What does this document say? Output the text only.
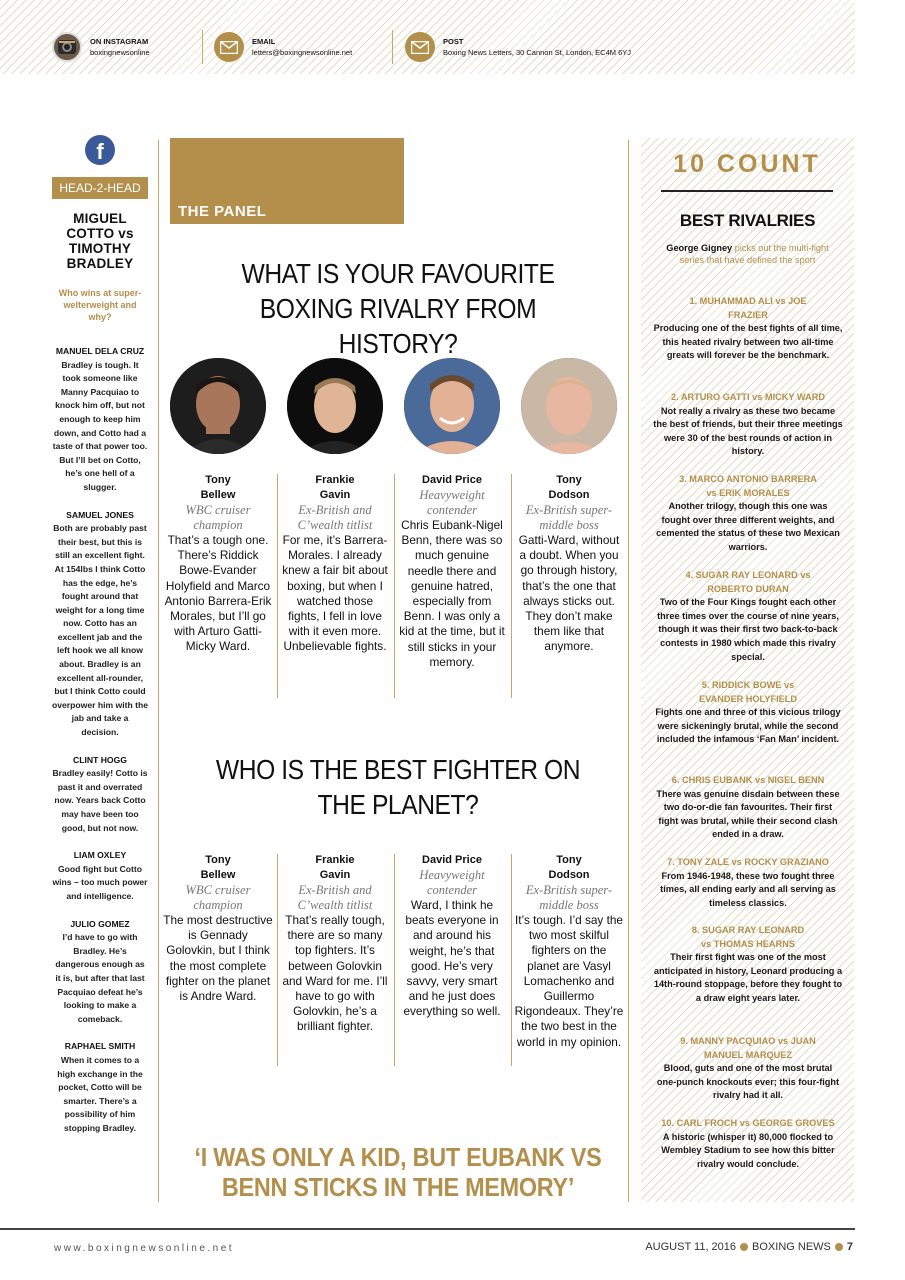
ON INSTAGRAM
boxingnewsonline
EMAIL
letters@boxingnewsonline.net
POST
Boxing News Letters, 30 Cannon St, London, EC4M 6YJ
f
HEAD-2-HEAD
MIGUEL COTTO vs TIMOTHY BRADLEY
Who wins at super-welterweight and why?
MANUEL DELA CRUZ
Bradley is tough. It took someone like Manny Pacquiao to knock him off, but not enough to keep him down, and Cotto had a taste of that power too. But I’ll bet on Cotto, he’s one hell of a slugger.
SAMUEL JONES
Both are probably past their best, but this is still an excellent fight. At 154lbs I think Cotto has the edge, he’s fought around that weight for a long time now. Cotto has an excellent jab and the left hook we all know about. Bradley is an excellent all-rounder, but I think Cotto could overpower him with the jab and take a decision.
CLINT HOGG
Bradley easily! Cotto is past it and overrated now. Years back Cotto may have been too good, but not now.
LIAM OXLEY
Good fight but Cotto wins – too much power and intelligence.
JULIO GOMEZ
I’d have to go with Bradley. He’s dangerous enough as it is, but after that last Pacquiao defeat he’s looking to make a comeback.
RAPHAEL SMITH
When it comes to a high exchange in the pocket, Cotto will be smarter. There’s a possibility of him stopping Bradley.
THE PANEL
WHAT IS YOUR FAVOURITE BOXING RIVALRY FROM HISTORY?
Tony Bellew
WBC cruiser champion
That’s a tough one. There’s Riddick Bowe-Evander Holyfield and Marco Antonio Barrera-Erik Morales, but I’ll go with Arturo Gatti-Micky Ward.
Frankie Gavin
Ex-British and C’wealth titlist
For me, it’s Barrera-Morales. I already knew a fair bit about boxing, but when I watched those fights, I fell in love with it even more. Unbelievable fights.
David Price
Heavyweight contender
Chris Eubank-Nigel Benn, there was so much genuine needle there and genuine hatred, especially from Benn. I was only a kid at the time, but it still sticks in your memory.
Tony Dodson
Ex-British super-middle boss
Gatti-Ward, without a doubt. When you go through history, that’s the one that always sticks out. They don’t make them like that anymore.
WHO IS THE BEST FIGHTER ON THE PLANET?
Tony Bellew
WBC cruiser champion
The most destructive is Gennady Golovkin, but I think the most complete fighter on the planet is Andre Ward.
Frankie Gavin
Ex-British and C’wealth titlist
That’s really tough, there are so many top fighters. It’s between Golovkin and Ward for me. I’ll have to go with Golovkin, he’s a brilliant fighter.
David Price
Heavyweight contender
Ward, I think he beats everyone in and around his weight, he’s that good. He’s very savvy, very smart and he just does everything so well.
Tony Dodson
Ex-British super-middle boss
It’s tough. I’d say the two most skilful fighters on the planet are Vasyl Lomachenko and Guillermo Rigondeaux. They’re the two best in the world in my opinion.
‘I WAS ONLY A KID, BUT EUBANK VS BENN STICKS IN THE MEMORY’
10 COUNT
BEST RIVALRIES
George Gigney picks out the multi-fight series that have defined the sport
1. MUHAMMAD ALI vs JOE FRAZIER
Producing one of the best fights of all time, this heated rivalry between two all-time greats will forever be the benchmark.
2. ARTURO GATTI vs MICKY WARD
Not really a rivalry as these two became the best of friends, but their three meetings were 30 of the best rounds of action in history.
3. MARCO ANTONIO BARRERA vs ERIK MORALES
Another trilogy, though this one was fought over three different weights, and cemented the status of these two Mexican warriors.
4. SUGAR RAY LEONARD vs ROBERTO DURAN
Two of the Four Kings fought each other three times over the course of nine years, though it was their first two back-to-back contests in 1980 which made this rivalry special.
5. RIDDICK BOWE vs EVANDER HOLYFIELD
Fights one and three of this vicious trilogy were sickeningly brutal, while the second included the infamous ‘Fan Man’ incident.
6. CHRIS EUBANK vs NIGEL BENN
There was genuine disdain between these two do-or-die fan favourites. Their first fight was brutal, while their second clash ended in a draw.
7. TONY ZALE vs ROCKY GRAZIANO
From 1946-1948, these two fought three times, all ending early and all serving as timeless classics.
8. SUGAR RAY LEONARD vs THOMAS HEARNS
Their first fight was one of the most anticipated in history, Leonard producing a 14th-round stoppage, before they fought to a draw eight years later.
9. MANNY PACQUIAO vs JUAN MANUEL MARQUEZ
Blood, guts and one of the most brutal one-punch knockouts ever; this four-fight rivalry had it all.
10. CARL FROCH vs GEORGE GROVES
A historic (whisper it) 80,000 flocked to Wembley Stadium to see how this bitter rivalry would conclude.
www.boxingnewsonline.net	AUGUST 11, 2016 BOXING NEWS 7
